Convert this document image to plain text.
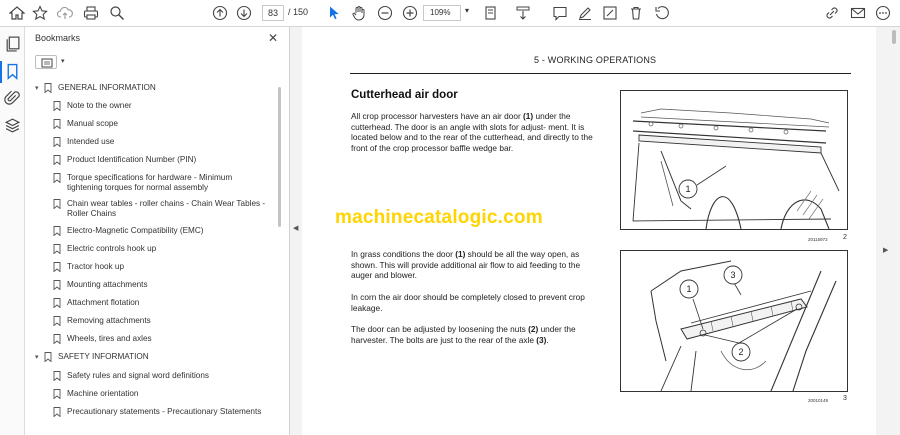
83	/ 150	109%	▾
Bookmarks	✕
▾
▾	GENERAL INFORMATION
Note to the owner
Manual scope
Intended use
Product Identification Number (PIN)
Torque specifications for hardware - Minimum
tightening torques for normal assembly
Chain wear tables - roller chains - Chain Wear Tables -
Roller Chains
Electro-Magnetic Compatibility (EMC)
Electric controls hook up
Tractor hook up
Mounting attachments
Attachment flotation
Removing attachments
Wheels, tires and axles
▾	SAFETY INFORMATION
Safety rules and signal word definitions
Machine orientation
Precautionary statements - Precautionary Statements
◀
5 - WORKING OPERATIONS
Cutterhead air door
All crop processor harvesters have an air door (1) under the cutterhead. The door is an angle with slots for adjust- ment. It is located below and to the rear of the cutterhead, and directly to the front of the crop processor baffle wedge bar.
machinecatalogic.com
In grass conditions the door (1) should be all the way open, as shown. This will provide additional air flow to aid feeding to the auger and blower.
In corn the air door should be completely closed to prevent crop leakage.
The door can be adjusted by loosening the nuts (2) under the harvester. The bolts are just to the rear of the axle (3).
1
20115972 2
1
2
3
20010149 3
▶
